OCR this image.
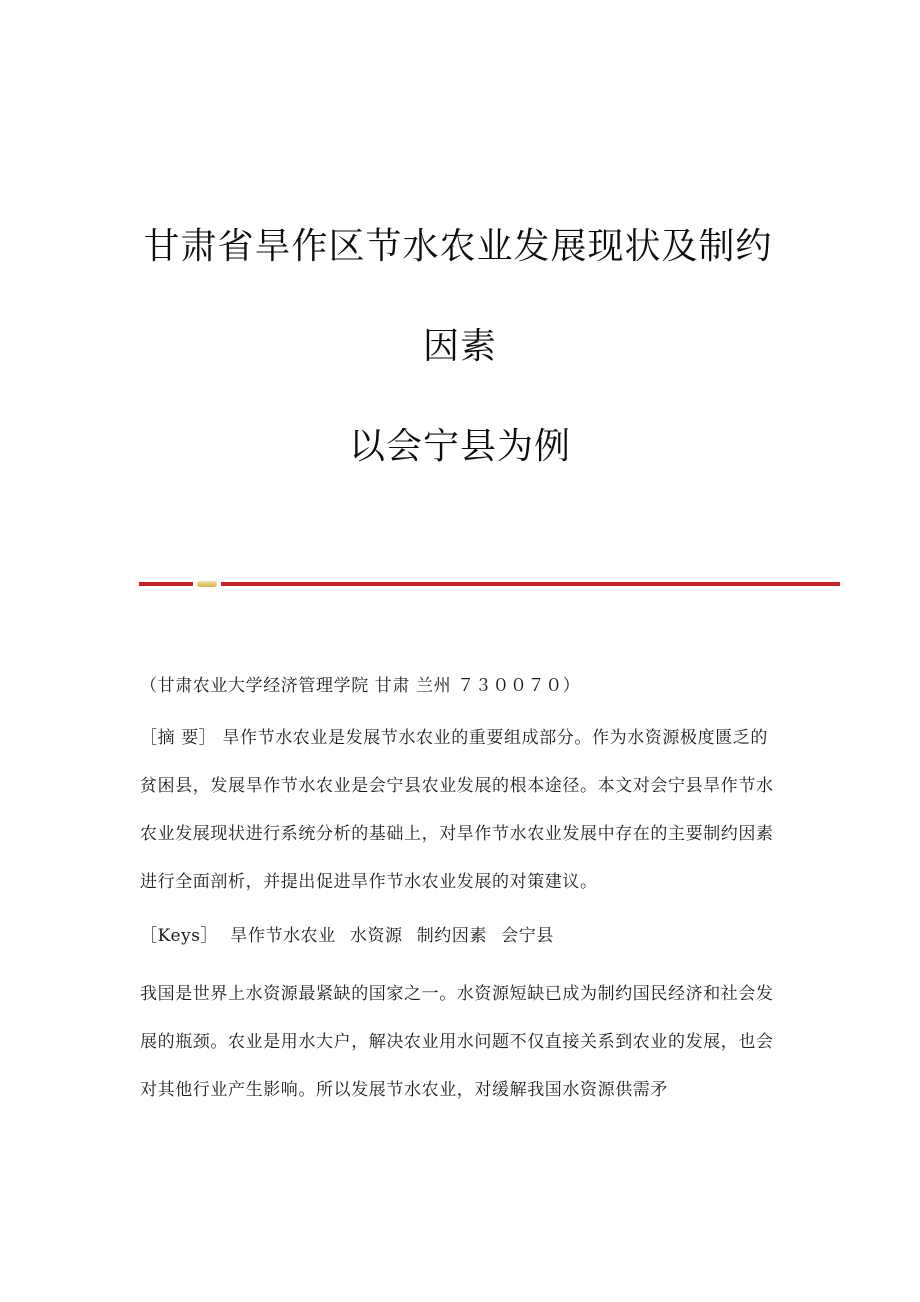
甘肃省旱作区节水农业发展现状及制约
因素
以会宁县为例
（甘肃农业大学经济管理学院 甘肃 兰州 ７３００７０）
［摘 要］ 旱作节水农业是发展节水农业的重要组成部分。作为水资源极度匮乏的贫困县，发展旱作节水农业是会宁县农业发展的根本途径。本文对会宁县旱作节水农业发展现状进行系统分析的基础上，对旱作节水农业发展中存在的主要制约因素进行全面剖析，并提出促进旱作节水农业发展的对策建议。
［Keys］ 旱作节水农业 水资源 制约因素 会宁县
我国是世界上水资源最紧缺的国家之一。水资源短缺已成为制约国民经济和社会发展的瓶颈。农业是用水大户，解决农业用水问题不仅直接关系到农业的发展，也会对其他行业产生影响。所以发展节水农业，对缓解我国水资源供需矛
